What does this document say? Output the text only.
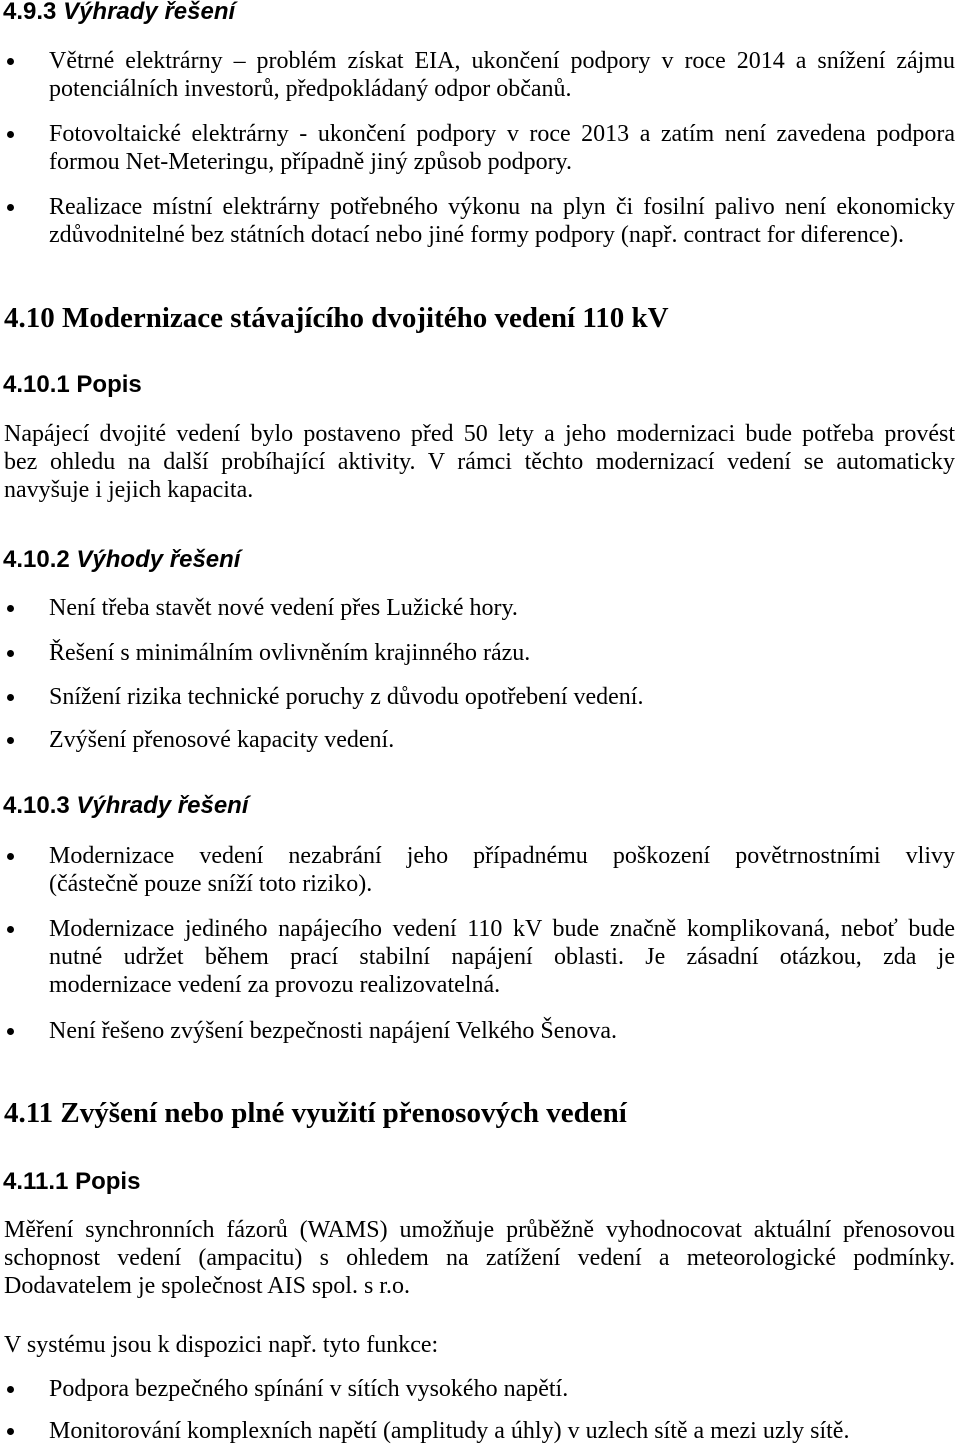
4.9.3 Výhrady řešení
Větrné elektrárny – problém získat EIA, ukončení podpory v roce 2014 a snížení zájmu
potenciálních investorů, předpokládaný odpor občanů.
Fotovoltaické elektrárny - ukončení podpory v roce 2013 a zatím není zavedena podpora
formou Net-Meteringu, případně jiný způsob podpory.
Realizace místní elektrárny potřebného výkonu na plyn či fosilní palivo není ekonomicky
zdůvodnitelné bez státních dotací nebo jiné formy podpory (např. contract for diference).
4.10 Modernizace stávajícího dvojitého vedení 110 kV
4.10.1 Popis
Napájecí dvojité vedení bylo postaveno před 50 lety a jeho modernizaci bude potřeba provést
bez ohledu na další probíhající aktivity. V rámci těchto modernizací vedení se automaticky
navyšuje i jejich kapacita.
4.10.2 Výhody řešení
Není třeba stavět nové vedení přes Lužické hory.
Řešení s minimálním ovlivněním krajinného rázu.
Snížení rizika technické poruchy z důvodu opotřebení vedení.
Zvýšení přenosové kapacity vedení.
4.10.3 Výhrady řešení
Modernizace vedení nezabrání jeho případnému poškození povětrnostními vlivy
(částečně pouze sníží toto riziko).
Modernizace jediného napájecího vedení 110 kV bude značně komplikovaná, neboť bude
nutné udržet během prací stabilní napájení oblasti. Je zásadní otázkou, zda je
modernizace vedení za provozu realizovatelná.
Není řešeno zvýšení bezpečnosti napájení Velkého Šenova.
4.11 Zvýšení nebo plné využití přenosových vedení
4.11.1 Popis
Měření synchronních fázorů (WAMS) umožňuje průběžně vyhodnocovat aktuální přenosovou
schopnost vedení (ampacitu) s ohledem na zatížení vedení a meteorologické podmínky.
Dodavatelem je společnost AIS spol. s r.o.
V systému jsou k dispozici např. tyto funkce:
Podpora bezpečného spínání v sítích vysokého napětí.
Monitorování komplexních napětí (amplitudy a úhly) v uzlech sítě a mezi uzly sítě.
